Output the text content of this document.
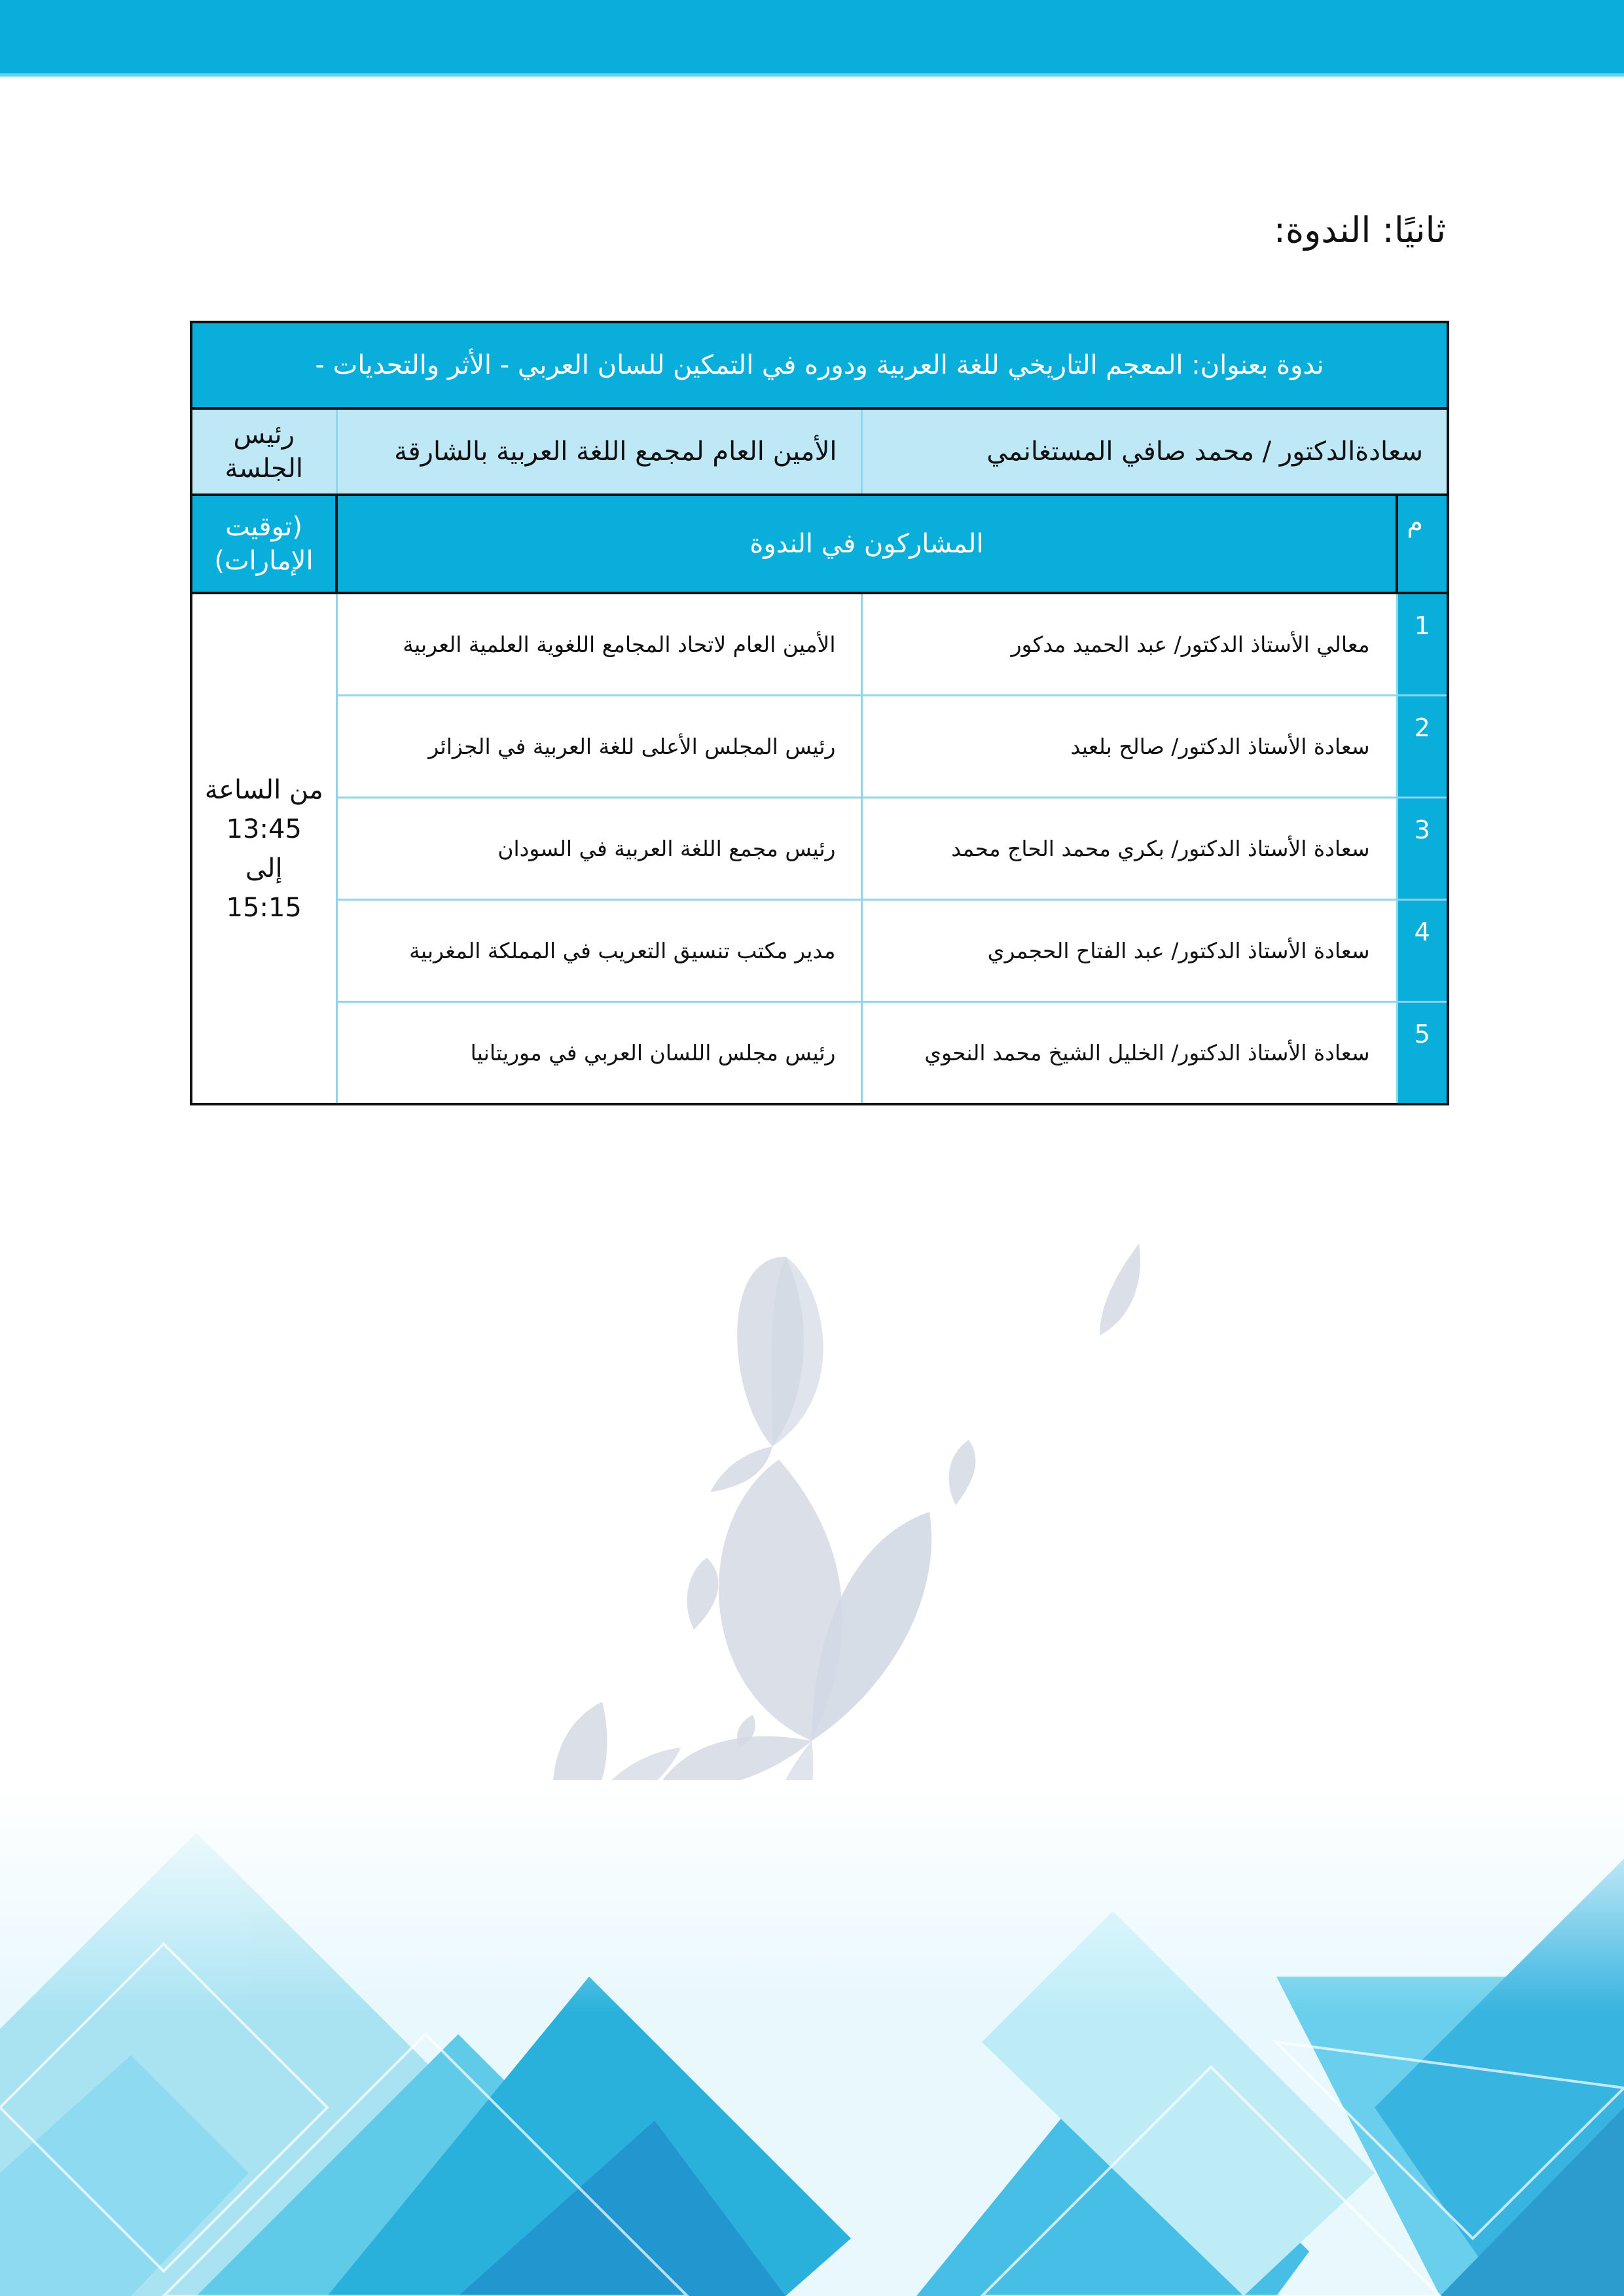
ثانيًا: الندوة:
ندوة بعنوان: المعجم التاريخي للغة العربية ودوره في التمكين للسان العربي - الأثر والتحديات -			
سعادةالدكتور / محمد صافي المستغانمي		الأمين العام لمجمع اللغة العربية بالشارقة	رئيس الجلسة
م	المشاركون في الندوة		(توقيت الإمارات)
1	معالي الأستاذ الدكتور/ عبد الحميد مدكور	الأمين العام لاتحاد المجامع اللغوية العلمية العربية	من الساعة
13:45
إلى
15:15

2	سعادة الأستاذ الدكتور/ صالح بلعيد	رئيس المجلس الأعلى للغة العربية في الجزائر	
3	سعادة الأستاذ الدكتور/ بكري محمد الحاج محمد	رئيس مجمع اللغة العربية في السودان	
4	سعادة الأستاذ الدكتور/ عبد الفتاح الحجمري	مدير مكتب تنسيق التعريب في المملكة المغربية	
5	سعادة الأستاذ الدكتور/ الخليل الشيخ محمد النحوي	رئيس مجلس اللسان العربي في موريتانيا	
